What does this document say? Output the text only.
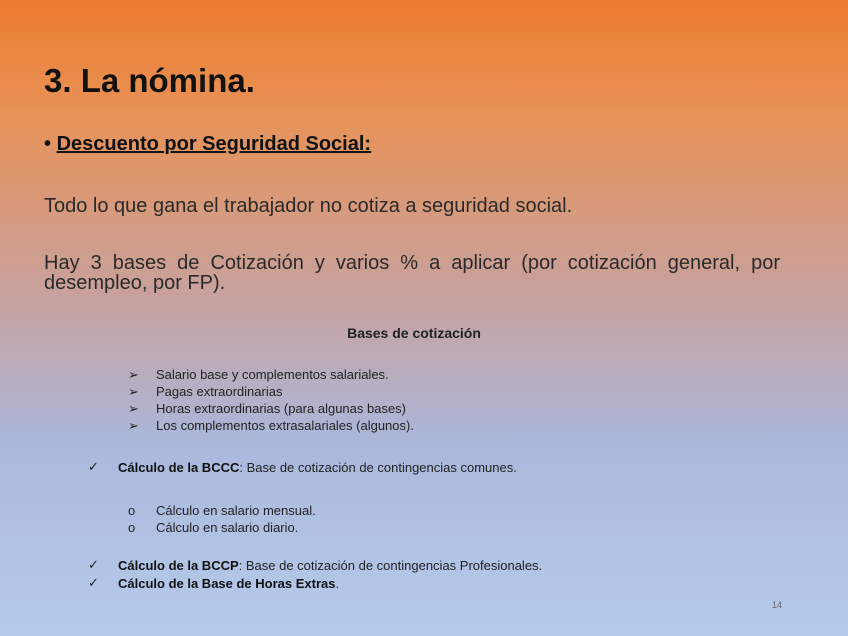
3. La nómina.
• Descuento por Seguridad Social:
Todo lo que gana el trabajador no cotiza a seguridad social.
Hay 3 bases de Cotización y varios % a aplicar (por cotización general, por desempleo, por FP).
Bases de cotización
➢	Salario base y complementos salariales.
➢	Pagas extraordinarias
➢	Horas extraordinarias (para algunas bases)
➢	Los complementos extrasalariales (algunos).
✓	Cálculo de la BCCC: Base de cotización de contingencias comunes.
o	Cálculo en salario mensual.
o	Cálculo en salario diario.
✓	Cálculo de la BCCP: Base de cotización de contingencias Profesionales.
✓	Cálculo de la Base de Horas Extras.
14
